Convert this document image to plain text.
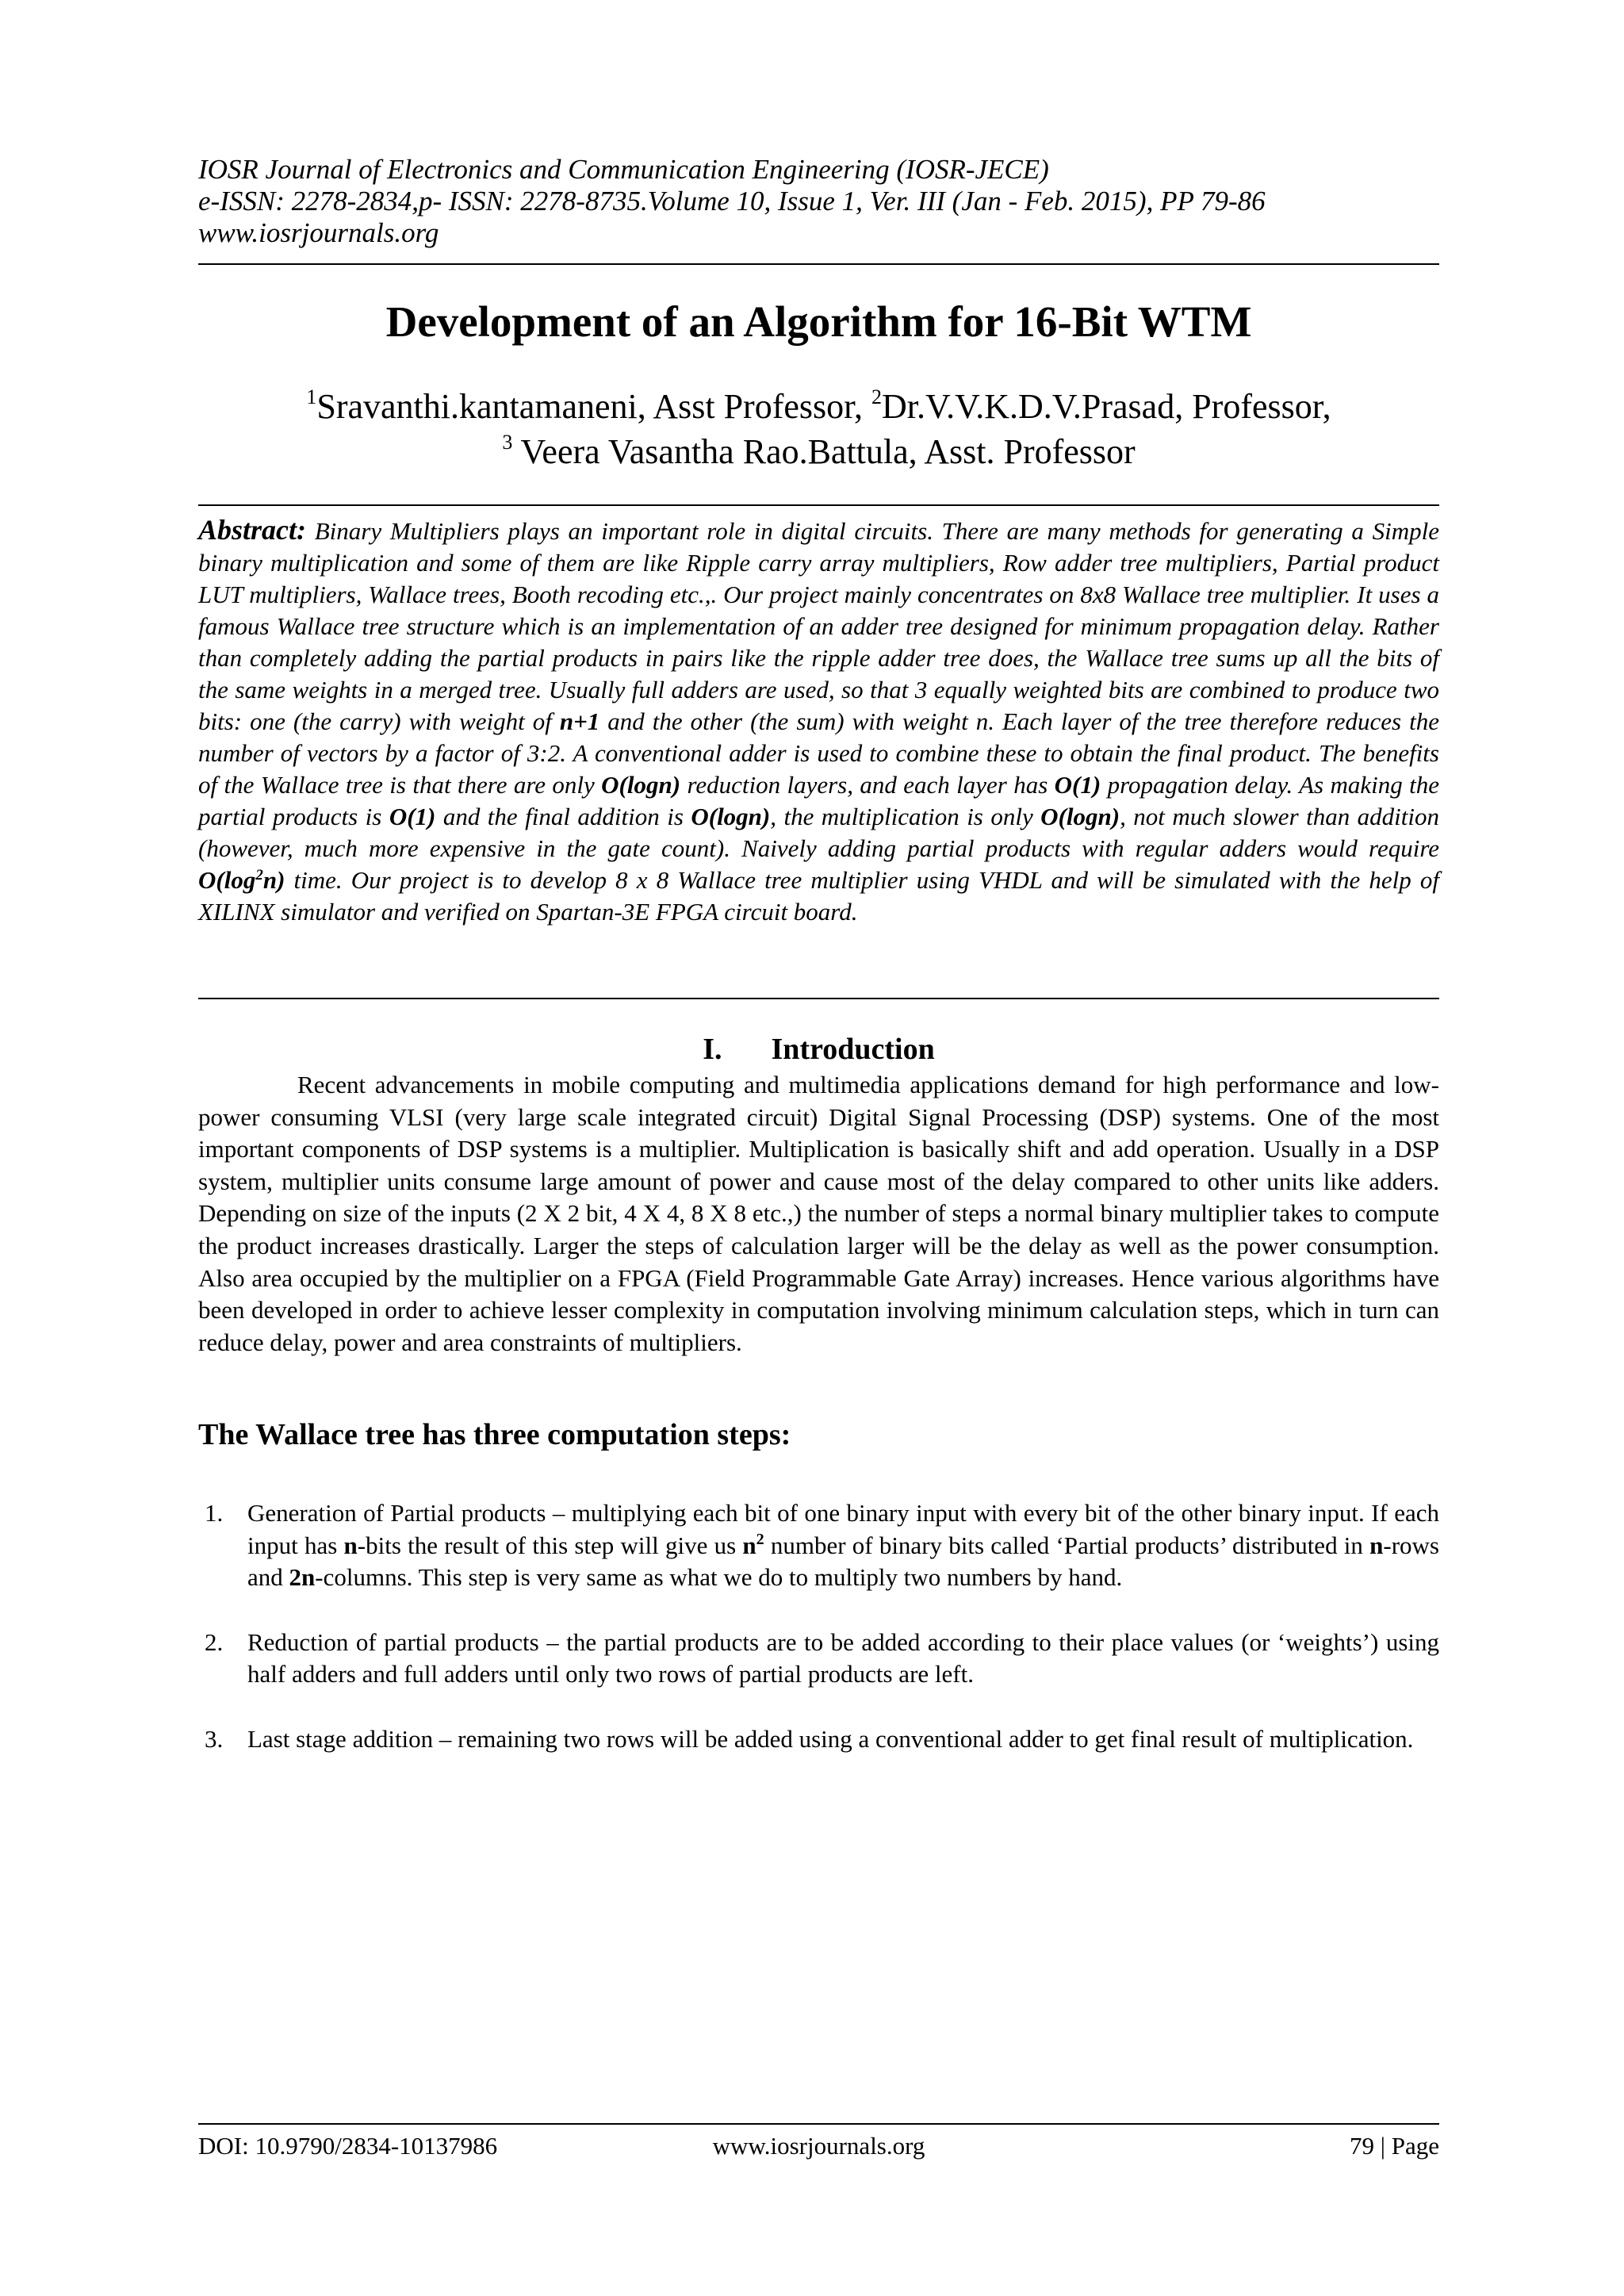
IOSR Journal of Electronics and Communication Engineering (IOSR-JECE)
e-ISSN: 2278-2834,p- ISSN: 2278-8735.Volume 10, Issue 1, Ver. III (Jan - Feb. 2015), PP 79-86
www.iosrjournals.org
Development of an Algorithm for 16-Bit WTM
$^1$Sravanthi.kantamaneni, Asst Professor, $^2$Dr.V.V.K.D.V.Prasad, Professor,
$^3$ Veera Vasantha Rao.Battula, Asst. Professor
Abstract: Binary Multipliers plays an important role in digital circuits. There are many methods for generating a Simple binary multiplication and some of them are like Ripple carry array multipliers, Row adder tree multipliers, Partial product LUT multipliers, Wallace trees, Booth recoding etc.,. Our project mainly concentrates on 8x8 Wallace tree multiplier. It uses a famous Wallace tree structure which is an implementation of an adder tree designed for minimum propagation delay. Rather than completely adding the partial products in pairs like the ripple adder tree does, the Wallace tree sums up all the bits of the same weights in a merged tree. Usually full adders are used, so that 3 equally weighted bits are combined to produce two bits: one (the carry) with weight of n+1 and the other (the sum) with weight n. Each layer of the tree therefore reduces the number of vectors by a factor of 3:2. A conventional adder is used to combine these to obtain the final product. The benefits of the Wallace tree is that there are only O(logn) reduction layers, and each layer has O(1) propagation delay. As making the partial products is O(1) and the final addition is O(logn), the multiplication is only O(logn), not much slower than addition (however, much more expensive in the gate count). Naively adding partial products with regular adders would require $O(\log^2n)$ time. Our project is to develop 8 x 8 Wallace tree multiplier using VHDL and will be simulated with the help of XILINX simulator and verified on Spartan-3E FPGA circuit board.
I. Introduction
Recent advancements in mobile computing and multimedia applications demand for high performance and low-power consuming VLSI (very large scale integrated circuit) Digital Signal Processing (DSP) systems. One of the most important components of DSP systems is a multiplier. Multiplication is basically shift and add operation. Usually in a DSP system, multiplier units consume large amount of power and cause most of the delay compared to other units like adders. Depending on size of the inputs (2 X 2 bit, 4 X 4, 8 X 8 etc.,) the number of steps a normal binary multiplier takes to compute the product increases drastically. Larger the steps of calculation larger will be the delay as well as the power consumption. Also area occupied by the multiplier on a FPGA (Field Programmable Gate Array) increases. Hence various algorithms have been developed in order to achieve lesser complexity in computation involving minimum calculation steps, which in turn can reduce delay, power and area constraints of multipliers.
The Wallace tree has three computation steps:
1. Generation of Partial products – multiplying each bit of one binary input with every bit of the other binary input. If each input has n-bits the result of this step will give us $n^2$ number of binary bits called ‘Partial products’ distributed in n-rows and 2n-columns. This step is very same as what we do to multiply two numbers by hand.
2. Reduction of partial products – the partial products are to be added according to their place values (or ‘weights’) using half adders and full adders until only two rows of partial products are left.
3. Last stage addition – remaining two rows will be added using a conventional adder to get final result of multiplication.
DOI: 10.9790/2834-10137986	www.iosrjournals.org	79 | Page
